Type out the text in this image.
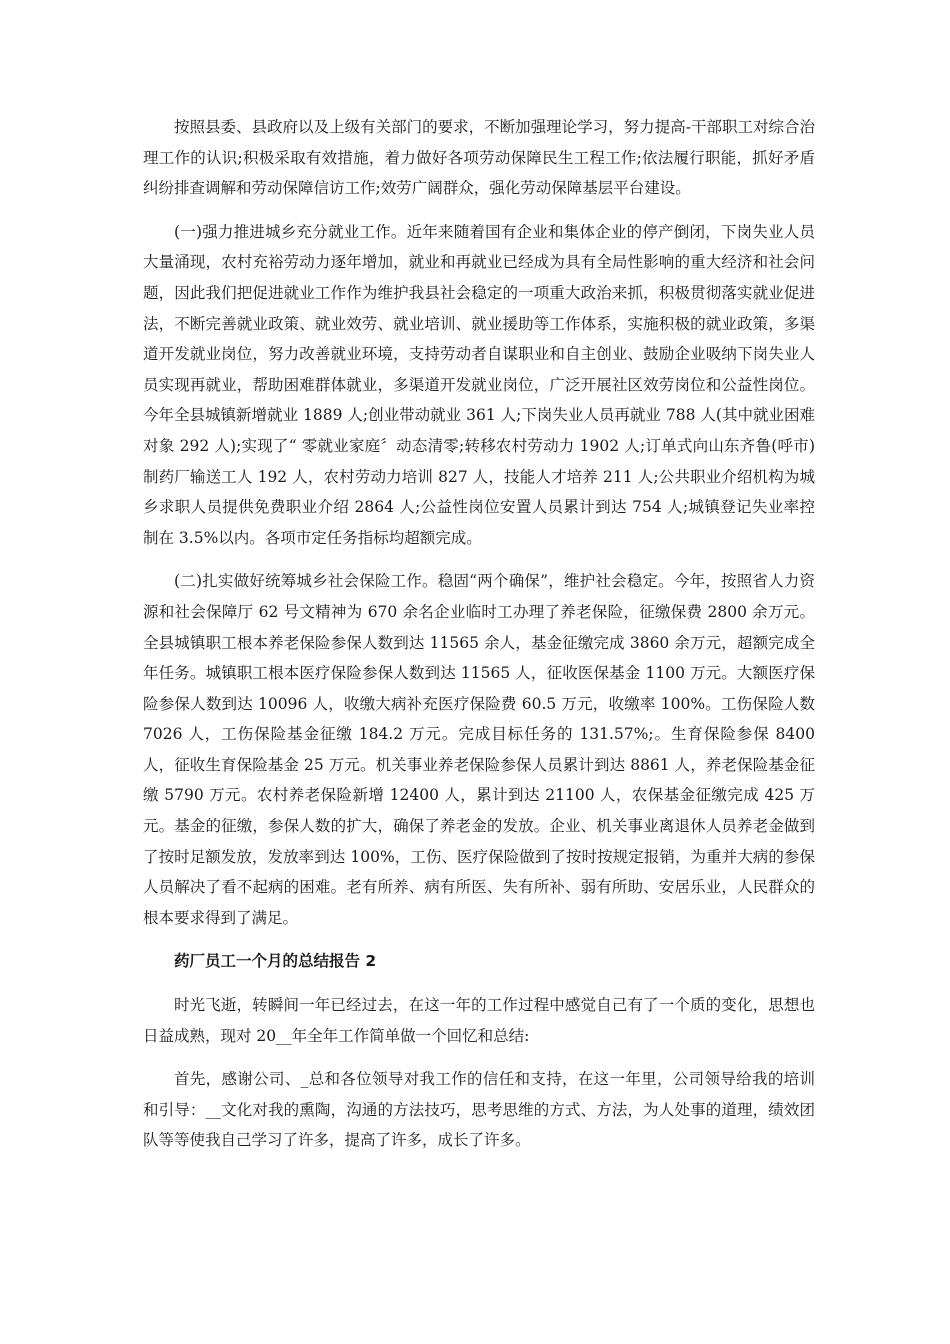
按照县委、县政府以及上级有关部门的要求，不断加强理论学习，努力提高-干部职工对综合治理工作的认识;积极采取有效措施，着力做好各项劳动保障民生工程工作;依法履行职能，抓好矛盾纠纷排查调解和劳动保障信访工作;效劳广阔群众，强化劳动保障基层平台建设。

(一)强力推进城乡充分就业工作。近年来随着国有企业和集体企业的停产倒闭，下岗失业人员大量涌现，农村充裕劳动力逐年增加，就业和再就业已经成为具有全局性影响的重大经济和社会问题，因此我们把促进就业工作作为维护我县社会稳定的一项重大政治来抓，积极贯彻落实就业促进法，不断完善就业政策、就业效劳、就业培训、就业援助等工作体系，实施积极的就业政策，多渠道开发就业岗位，努力改善就业环境，支持劳动者自谋职业和自主创业、鼓励企业吸纳下岗失业人员实现再就业，帮助困难群体就业，多渠道开发就业岗位，广泛开展社区效劳岗位和公益性岗位。今年全县城镇新增就业 1889 人;创业带动就业 361 人;下岗失业人员再就业 788 人(其中就业困难对象 292 人);实现了“ 零就业家庭〞动态清零;转移农村劳动力 1902 人;订单式向山东齐鲁(呼市)制药厂输送工人 192 人，农村劳动力培训 827 人，技能人才培养 211 人;公共职业介绍机构为城乡求职人员提供免费职业介绍 2864 人;公益性岗位安置人员累计到达 754 人;城镇登记失业率控制在 3.5%以内。各项市定任务指标均超额完成。

(二)扎实做好统筹城乡社会保险工作。稳固“两个确保”，维护社会稳定。今年，按照省人力资源和社会保障厅 62 号文精神为 670 余名企业临时工办理了养老保险，征缴保费 2800 余万元。全县城镇职工根本养老保险参保人数到达 11565 余人，基金征缴完成 3860 余万元，超额完成全年任务。城镇职工根本医疗保险参保人数到达 11565 人，征收医保基金 1100 万元。大额医疗保险参保人数到达 10096 人，收缴大病补充医疗保险费 60.5 万元，收缴率 100%。工伤保险人数 7026 人，工伤保险基金征缴 184.2 万元。完成目标任务的 131.57%;。生育保险参保 8400 人，征收生育保险基金 25 万元。机关事业养老保险参保人员累计到达 8861 人，养老保险基金征缴 5790 万元。农村养老保险新增 12400 人，累计到达 21100 人，农保基金征缴完成 425 万元。基金的征缴，参保人数的扩大，确保了养老金的发放。企业、机关事业离退休人员养老金做到了按时足额发放，发放率到达 100%，工伤、医疗保险做到了按时按规定报销，为重并大病的参保人员解决了看不起病的困难。老有所养、病有所医、失有所补、弱有所助、安居乐业，人民群众的根本要求得到了满足。

药厂员工一个月的总结报告 2

时光飞逝，转瞬间一年已经过去，在这一年的工作过程中感觉自己有了一个质的变化，思想也日益成熟，现对 20__年全年工作简单做一个回忆和总结:

首先，感谢公司、_总和各位领导对我工作的信任和支持，在这一年里，公司领导给我的培训和引导：__文化对我的熏陶，沟通的方法技巧，思考思维的方式、方法，为人处事的道理，绩效团队等等使我自己学习了许多，提高了许多，成长了许多。
